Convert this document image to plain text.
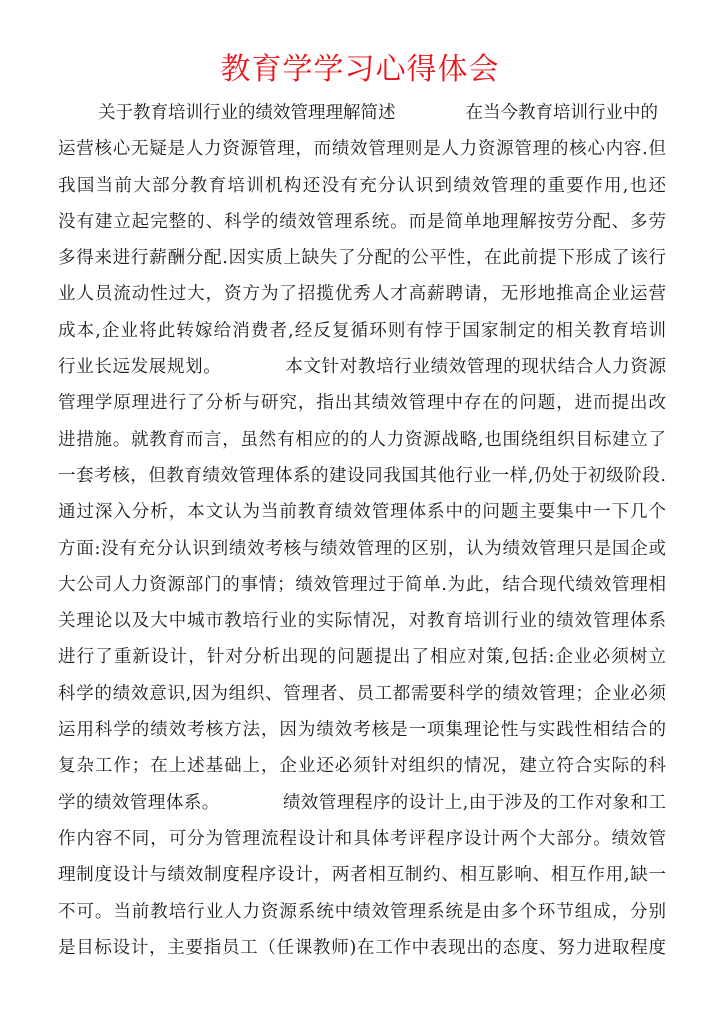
教育学学习心得体会
关于教育培训行业的绩效管理理解简述　　　　在当今教育培训行业中的
运营核心无疑是人力资源管理，而绩效管理则是人力资源管理的核心内容.但
我国当前大部分教育培训机构还没有充分认识到绩效管理的重要作用,也还
没有建立起完整的、科学的绩效管理系统。而是简单地理解按劳分配、多劳
多得来进行薪酬分配.因实质上缺失了分配的公平性，在此前提下形成了该行
业人员流动性过大，资方为了招揽优秀人才高薪聘请，无形地推高企业运营
成本,企业将此转嫁给消费者,经反复循环则有悖于国家制定的相关教育培训
行业长远发展规划。　　　　本文针对教培行业绩效管理的现状结合人力资源
管理学原理进行了分析与研究，指出其绩效管理中存在的问题，进而提出改
进措施。就教育而言，虽然有相应的的人力资源战略,也围绕组织目标建立了
一套考核，但教育绩效管理体系的建设同我国其他行业一样,仍处于初级阶段.
通过深入分析，本文认为当前教育绩效管理体系中的问题主要集中一下几个
方面:没有充分认识到绩效考核与绩效管理的区别，认为绩效管理只是国企或
大公司人力资源部门的事情；绩效管理过于简单.为此，结合现代绩效管理相
关理论以及大中城市教培行业的实际情况，对教育培训行业的绩效管理体系
进行了重新设计，针对分析出现的问题提出了相应对策,包括:企业必须树立
科学的绩效意识,因为组织、管理者、员工都需要科学的绩效管理；企业必须
运用科学的绩效考核方法，因为绩效考核是一项集理论性与实践性相结合的
复杂工作；在上述基础上，企业还必须针对组织的情况，建立符合实际的科
学的绩效管理体系。　　　　绩效管理程序的设计上,由于涉及的工作对象和工
作内容不同，可分为管理流程设计和具体考评程序设计两个大部分。绩效管
理制度设计与绩效制度程序设计，两者相互制约、相互影响、相互作用,缺一
不可。当前教培行业人力资源系统中绩效管理系统是由多个环节组成，分别
是目标设计，主要指员工（任课教师)在工作中表现出的态度、努力进取程度
